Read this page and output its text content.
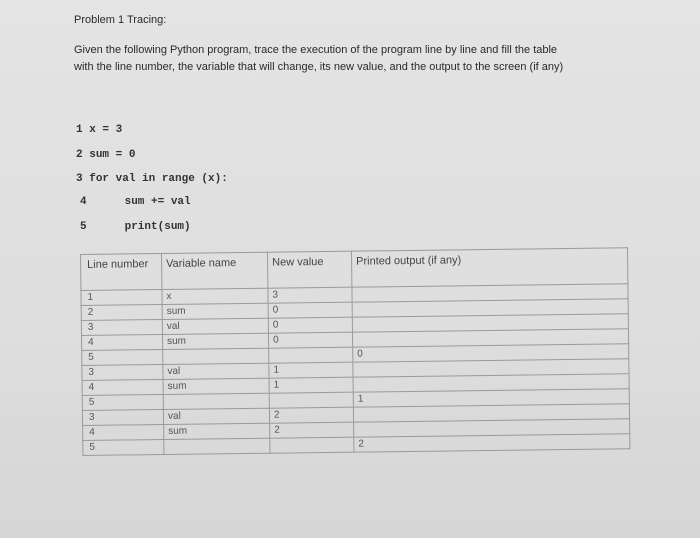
Problem 1 Tracing:
Given the following Python program, trace the execution of the program line by line and fill the table with the line number, the variable that will change, its new value, and the output to the screen (if any)
1 x = 3
2 sum = 0
3 for val in range (x):
4	sum += val
5	print(sum)
Line number	Variable name	New value	Printed output (if any)
1	x	3	
2	sum	0	
3	val	0	
4	sum	0	
5			0
3	val	1	
4	sum	1	
5			1
3	val	2	
4	sum	2	
5			2
